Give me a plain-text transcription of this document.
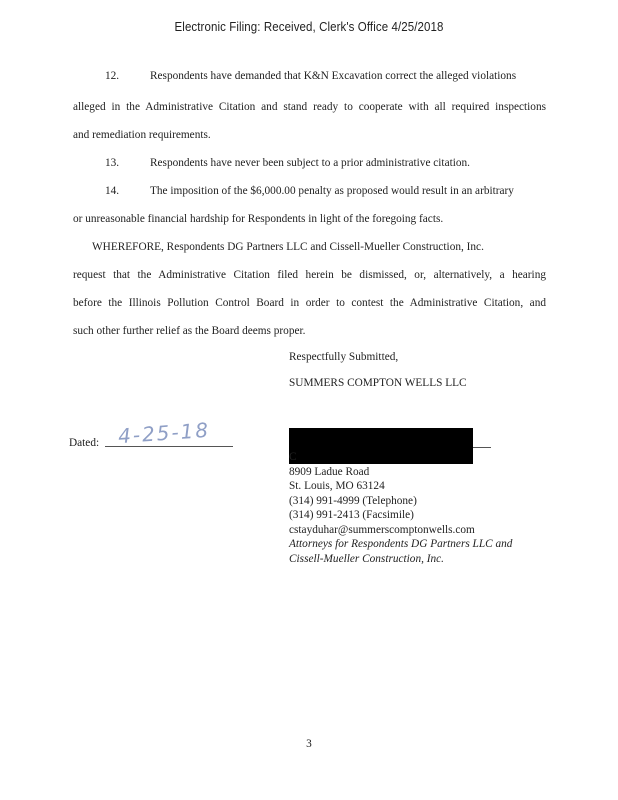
Electronic Filing: Received, Clerk's Office 4/25/2018
12.	Respondents have demanded that K&N Excavation correct the alleged violations
alleged in the Administrative Citation and stand ready to cooperate with all required inspections
and remediation requirements.
13.	Respondents have never been subject to a prior administrative citation.
14.	The imposition of the $6,000.00 penalty as proposed would result in an arbitrary
or unreasonable financial hardship for Respondents in light of the foregoing facts.
WHEREFORE, Respondents DG Partners LLC and Cissell-Mueller Construction, Inc.
request that the Administrative Citation filed herein be dismissed, or, alternatively, a hearing
before the Illinois Pollution Control Board in order to contest the Administrative Citation, and
such other further relief as the Board deems proper.
Respectfully Submitted,
SUMMERS COMPTON WELLS LLC
Dated: 4-25-18
C
8909 Ladue Road
St. Louis, MO 63124
(314) 991-4999 (Telephone)
(314) 991-2413 (Facsimile)
cstayduhar@summerscomptonwells.com
Attorneys for Respondents DG Partners LLC and
Cissell-Mueller Construction, Inc.
3
